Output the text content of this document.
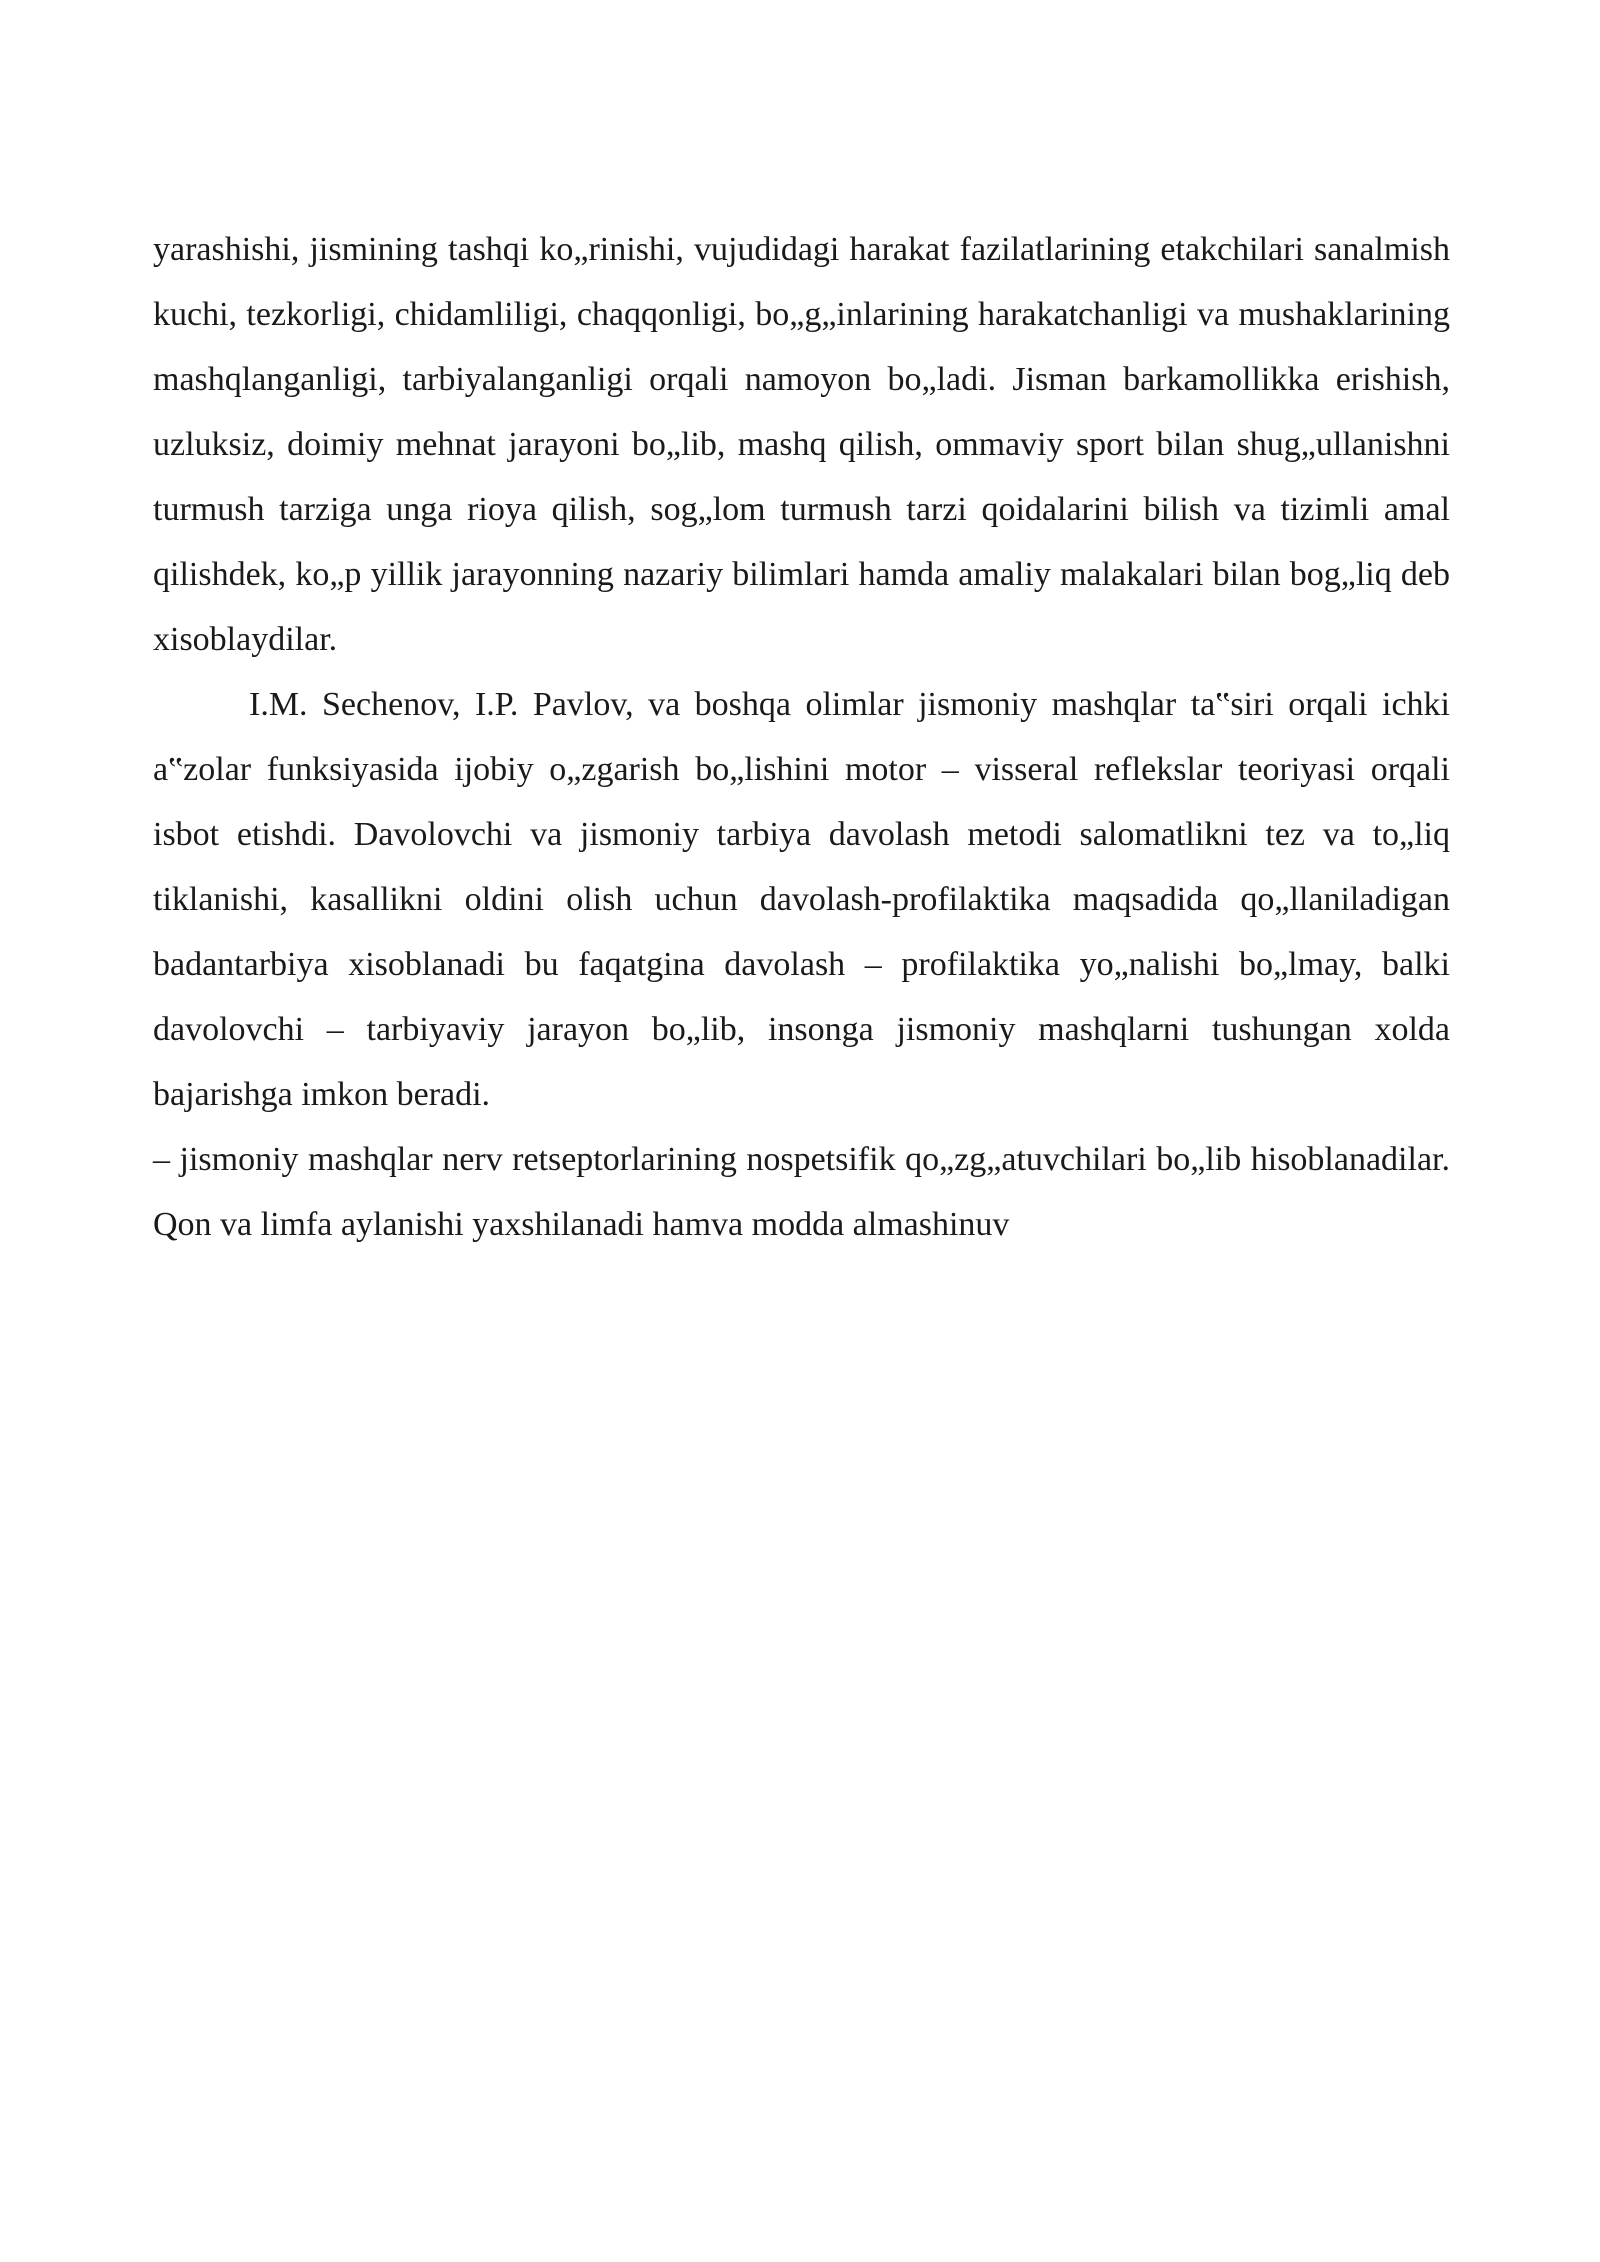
yarashishi, jismining tashqi ko„rinishi, vujudidagi harakat fazilatlarining etakchilari sanalmish kuchi, tezkorligi, chidamliligi, chaqqonligi, bo„g„inlarining harakatchanligi va mushaklarining mashqlanganligi, tarbiyalanganligi orqali namoyon bo„ladi. Jisman barkamollikka erishish, uzluksiz, doimiy mehnat jarayoni bo„lib, mashq qilish, ommaviy sport bilan shug„ullanishni turmush tarziga unga rioya qilish, sog„lom turmush tarzi qoidalarini bilish va tizimli amal qilishdek, ko„p yillik jarayonning nazariy bilimlari hamda amaliy malakalari bilan bog„liq deb xisoblaydilar.

I.M. Sechenov, I.P. Pavlov, va boshqa olimlar jismoniy mashqlar ta‟siri orqali ichki a‟zolar funksiyasida ijobiy o„zgarish bo„lishini motor – visseral reflekslar teoriyasi orqali isbot etishdi. Davolovchi va jismoniy tarbiya davolash metodi salomatlikni tez va to„liq tiklanishi, kasallikni oldini olish uchun davolash-profilaktika maqsadida qo„llaniladigan badantarbiya xisoblanadi bu faqatgina davolash – profilaktika yo„nalishi bo„lmay, balki davolovchi – tarbiyaviy jarayon bo„lib, insonga jismoniy mashqlarni tushungan xolda bajarishga imkon beradi.

– jismoniy mashqlar nerv retseptorlarining nospetsifik qo„zg„atuvchilari bo„lib hisoblanadilar. Qon va limfa aylanishi yaxshilanadi hamva modda almashinuv
